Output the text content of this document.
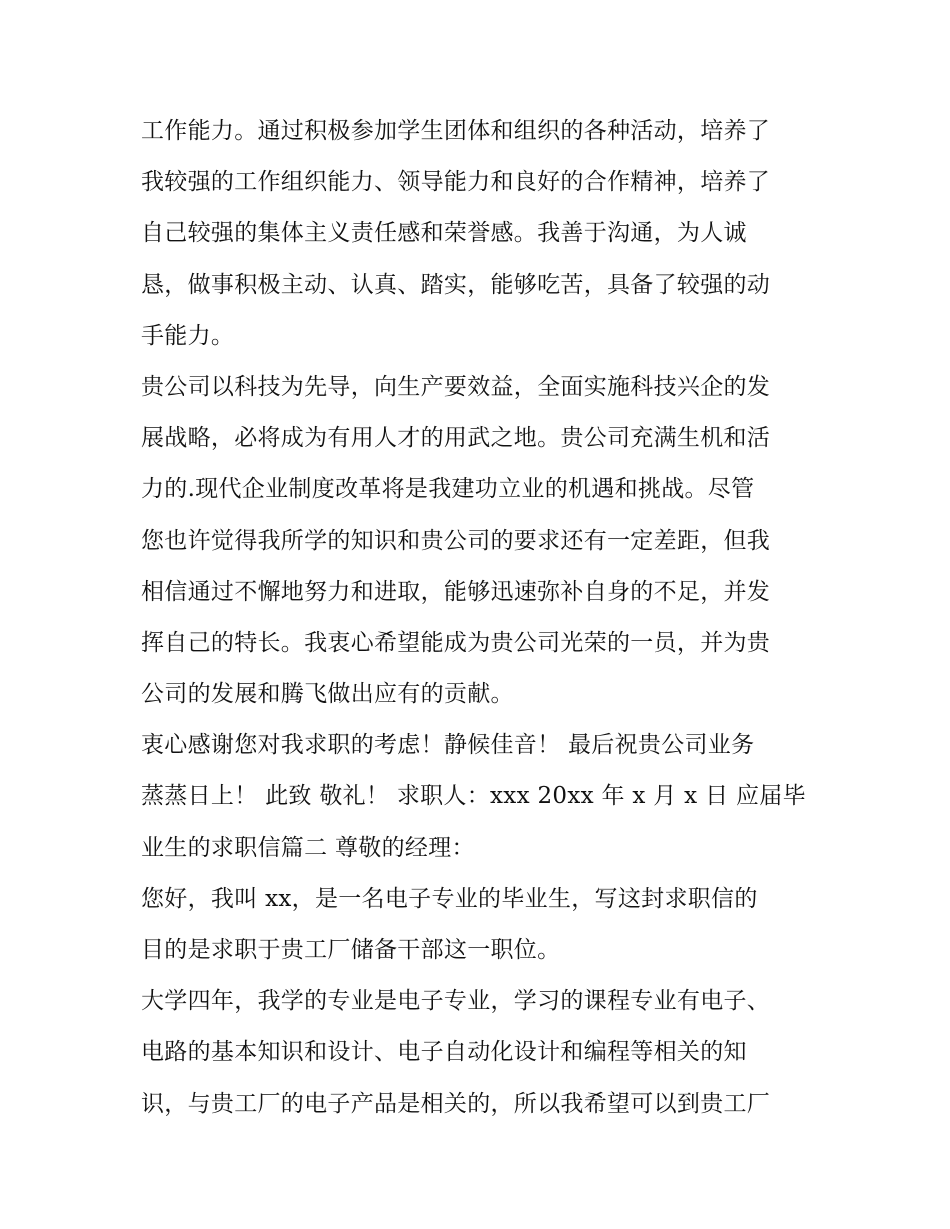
工作能力。通过积极参加学生团体和组织的各种活动，培养了
我较强的工作组织能力、领导能力和良好的合作精神，培养了
自己较强的集体主义责任感和荣誉感。我善于沟通，为人诚
恳，做事积极主动、认真、踏实，能够吃苦，具备了较强的动
手能力。
贵公司以科技为先导，向生产要效益，全面实施科技兴企的发
展战略，必将成为有用人才的用武之地。贵公司充满生机和活
力的.现代企业制度改革将是我建功立业的机遇和挑战。尽管
您也许觉得我所学的知识和贵公司的要求还有一定差距，但我
相信通过不懈地努力和进取，能够迅速弥补自身的不足，并发
挥自己的特长。我衷心希望能成为贵公司光荣的一员，并为贵
公司的发展和腾飞做出应有的贡献。
衷心感谢您对我求职的考虑！静候佳音！ 最后祝贵公司业务
蒸蒸日上！ 此致 敬礼！ 求职人：xxx 20xx 年 x 月 x 日 应届毕
业生的求职信篇二 尊敬的经理：
您好，我叫 xx，是一名电子专业的毕业生，写这封求职信的
目的是求职于贵工厂储备干部这一职位。
大学四年，我学的专业是电子专业，学习的课程专业有电子、
电路的基本知识和设计、电子自动化设计和编程等相关的知
识，与贵工厂的电子产品是相关的，所以我希望可以到贵工厂
